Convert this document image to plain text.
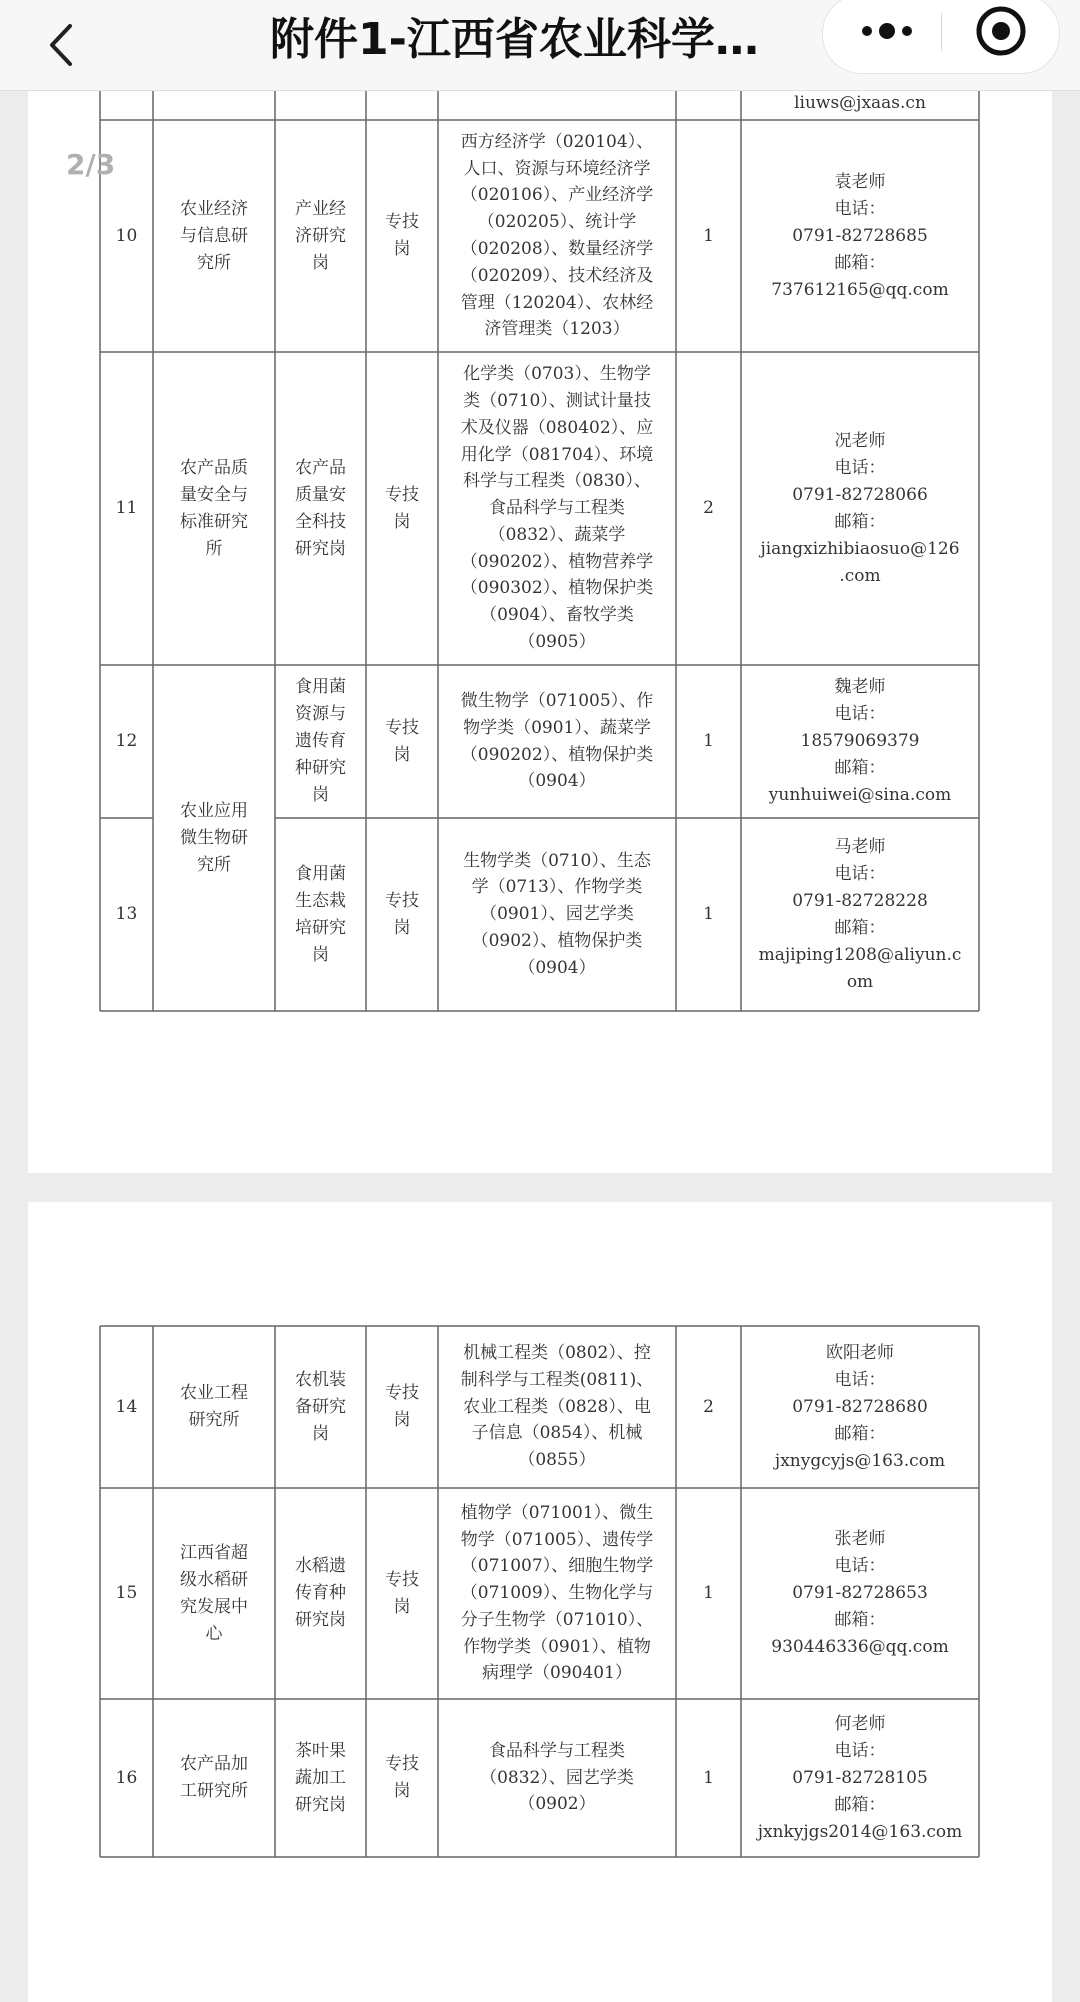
附件1-江西省农业科学…
2/3
liuws@jxaas.cn
10
农业经济
与信息研
究所
产业经
济研究
岗
专技
岗
西方经济学（020104）、
人口、资源与环境经济学
（020106）、产业经济学
（020205）、统计学
（020208）、数量经济学
（020209）、技术经济及
管理（120204）、农林经
济管理类（1203）
1
袁老师
电话：
0791-82728685
邮箱：
737612165@qq.com
11
农产品质
量安全与
标准研究
所
农产品
质量安
全科技
研究岗
专技
岗
化学类（0703）、生物学
类（0710）、测试计量技
术及仪器（080402）、应
用化学（081704）、环境
科学与工程类（0830）、
食品科学与工程类
（0832）、蔬菜学
（090202）、植物营养学
（090302）、植物保护类
（0904）、畜牧学类
（0905）
2
况老师
电话：
0791-82728066
邮箱：
jiangxizhibiaosuo@126
.com
农业应用
微生物研
究所
12
食用菌
资源与
遗传育
种研究
岗
专技
岗
微生物学（071005）、作
物学类（0901）、蔬菜学
（090202）、植物保护类
（0904）
1
魏老师
电话：
18579069379
邮箱：
yunhuiwei@sina.com
13
食用菌
生态栽
培研究
岗
专技
岗
生物学类（0710）、生态
学（0713）、作物学类
（0901）、园艺学类
（0902）、植物保护类
（0904）
1
马老师
电话：
0791-82728228
邮箱：
majiping1208@aliyun.c
om
14
农业工程
研究所
农机装
备研究
岗
专技
岗
机械工程类（0802）、控
制科学与工程类(0811)、
农业工程类（0828）、电
子信息（0854）、机械
（0855）
2
欧阳老师
电话：
0791-82728680
邮箱：
jxnygcyjs@163.com
15
江西省超
级水稻研
究发展中
心
水稻遗
传育种
研究岗
专技
岗
植物学（071001）、微生
物学（071005）、遗传学
（071007）、细胞生物学
（071009）、生物化学与
分子生物学（071010）、
作物学类（0901）、植物
病理学（090401）
1
张老师
电话：
0791-82728653
邮箱：
930446336@qq.com
16
农产品加
工研究所
茶叶果
蔬加工
研究岗
专技
岗
食品科学与工程类
（0832）、园艺学类
（0902）
1
何老师
电话：
0791-82728105
邮箱：
jxnkyjgs2014@163.com
